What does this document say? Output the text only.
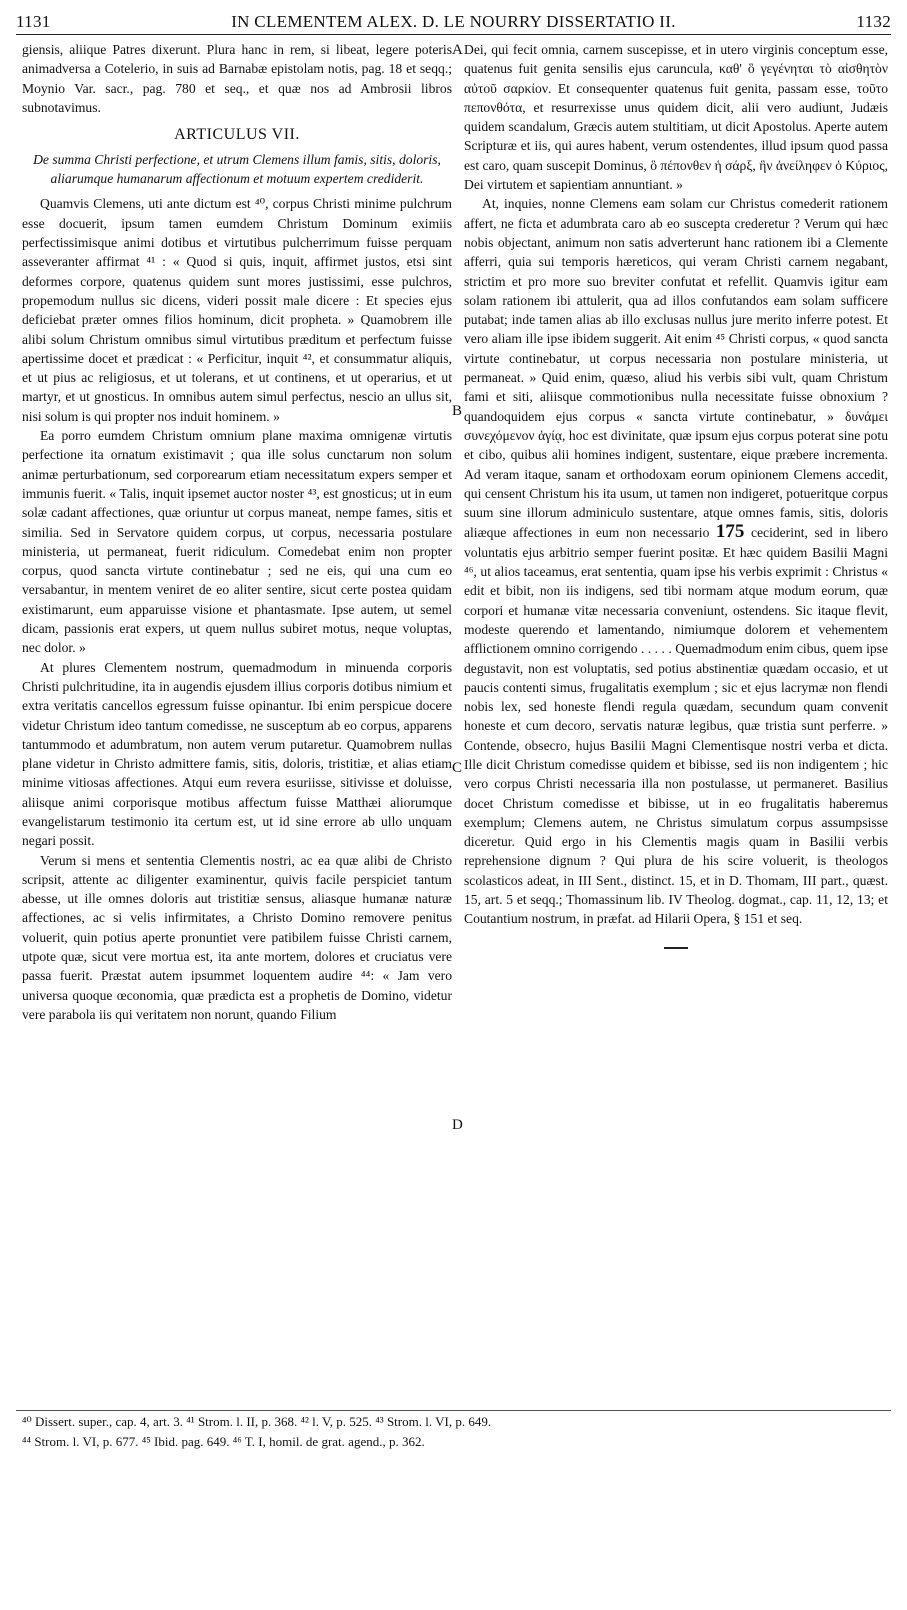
1131	IN CLEMENTEM ALEX. D. LE NOURRY DISSERTATIO II.	1132

giensis, aliique Patres dixerunt. Plura hanc in rem, si libeat, legere poteris animadversa a Cotelerio, in suis ad Barnabæ epistolam notis, pag. 18 et seqq.; Moynio Var. sacr., pag. 780 et seq., et quæ nos ad Ambrosii libros subnotavimus.

ARTICULUS VII.
De summa Christi perfectione, et utrum Clemens illum famis, sitis, doloris, aliarumque humanarum affectionum et motuum expertem crediderit.

Quamvis Clemens, uti ante dictum est ⁴⁰, corpus Christi minime pulchrum esse docuerit, ipsum tamen eumdem Christum Dominum eximiis perfectissimisque animi dotibus et virtutibus pulcherrimum fuisse perquam asseveranter affirmat ⁴¹ : « Quod si quis, inquit, affirmet justos, etsi sint deformes corpore, quatenus quidem sunt mores justissimi, esse pulchros, propemodum nullus sic dicens, videri possit male dicere : Et species ejus deficiebat præter omnes filios hominum, dicit propheta. » Quamobrem ille alibi solum Christum omnibus simul virtutibus præditum et perfectum fuisse apertissime docet et prædicat : « Perficitur, inquit ⁴², et consummatur aliquis, et ut pius ac religiosus, et ut tolerans, et ut continens, et ut operarius, et ut martyr, et ut gnosticus. In omnibus autem simul perfectus, nescio an ullus sit, nisi solum is qui propter nos induit hominem. »

Ea porro eumdem Christum omnium plane maxima omnigenæ virtutis perfectione ita ornatum existimavit ; qua ille solus cunctarum non solum animæ perturbationum, sed corporearum etiam necessitatum expers semper et immunis fuerit. « Talis, inquit ipsemet auctor noster ⁴³, est gnosticus; ut in eum solæ cadant affectiones, quæ oriuntur ut corpus maneat, nempe fames, sitis et similia. Sed in Servatore quidem corpus, ut corpus, necessaria postulare ministeria, ut permaneat, fuerit ridiculum. Comedebat enim non propter corpus, quod sancta virtute continebatur ; sed ne eis, qui una cum eo versabantur, in mentem veniret de eo aliter sentire, sicut certe postea quidam existimarunt, eum apparuisse visione et phantasmate. Ipse autem, ut semel dicam, passionis erat expers, ut quem nullus subiret motus, neque voluptas, nec dolor. »

At plures Clementem nostrum, quemadmodum in minuenda corporis Christi pulchritudine, ita in augendis ejusdem illius corporis dotibus nimium et extra veritatis cancellos egressum fuisse opinantur. Ibi enim perspicue docere videtur Christum ideo tantum comedisse, ne susceptum ab eo corpus, apparens tantummodo et adumbratum, non autem verum putaretur. Quamobrem nullas plane videtur in Christo admittere famis, sitis, doloris, tristitiæ, et alias etiam minime vitiosas affectiones. Atqui eum revera esuriisse, sitivisse et doluisse, aliisque animi corporisque motibus affectum fuisse Matthæi aliorumque evangelistarum testimonio ita certum est, ut id sine errore ab ullo unquam negari possit.

Verum si mens et sententia Clementis nostri, ac ea quæ alibi de Christo scripsit, attente ac diligenter examinentur, quivis facile perspiciet tantum abesse, ut ille omnes doloris aut tristitiæ sensus, aliasque humanæ naturæ affectiones, ac si velis infirmitates, a Christo Domino removere penitus voluerit, quin potius aperte pronuntiet vere patibilem fuisse Christi carnem, utpote quæ, sicut vere mortua est, ita ante mortem, dolores et cruciatus vere passa fuerit. Præstat autem ipsummet loquentem audire ⁴⁴: « Jam vero universa quoque œconomia, quæ prædicta est a prophetis de Domino, videtur vere parabola iis qui veritatem non norunt, quando Filium

A
B
C
D

Dei, qui fecit omnia, carnem suscepisse, et in utero virginis conceptum esse, quatenus fuit genita sensilis ejus caruncula, καθ' ὃ γεγένηται τὸ αἰσθητὸν αὐτοῦ σαρκίον. Et consequenter quatenus fuit genita, passam esse, τοῦτο πεπονθότα, et resurrexisse unus quidem dicit, alii vero audiunt, Judæis quidem scandalum, Græcis autem stultitiam, ut dicit Apostolus. Aperte autem Scripturæ et iis, qui aures habent, verum ostendentes, illud ipsum quod passa est caro, quam suscepit Dominus, ὃ πέπονθεν ἡ σάρξ, ἣν ἀνείληφεν ὁ Κύριος, Dei virtutem et sapientiam annuntiant. »

At, inquies, nonne Clemens eam solam cur Christus comederit rationem affert, ne ficta et adumbrata caro ab eo suscepta crederetur ? Verum qui hæc nobis objectant, animum non satis adverterunt hanc rationem ibi a Clemente afferri, quia sui temporis hæreticos, qui veram Christi carnem negabant, strictim et pro more suo breviter confutat et refellit. Quamvis igitur eam solam rationem ibi attulerit, qua ad illos confutandos eam solam sufficere putabat; inde tamen alias ab illo exclusas nullus jure merito inferre potest. Et vero aliam ille ipse ibidem suggerit. Ait enim ⁴⁵ Christi corpus, « quod sancta virtute continebatur, ut corpus necessaria non postulare ministeria, ut permaneat. » Quid enim, quæso, aliud his verbis sibi vult, quam Christum fami et siti, aliisque commotionibus nulla necessitate fuisse obnoxium ? quandoquidem ejus corpus « sancta virtute continebatur, » δυνάμει συνεχόμενον ἁγίᾳ, hoc est divinitate, quæ ipsum ejus corpus poterat sine potu et cibo, quibus alii homines indigent, sustentare, eique præbere incrementa. Ad veram itaque, sanam et orthodoxam eorum opinionem Clemens accedit, qui censent Christum his ita usum, ut tamen non indigeret, potueritque corpus suum sine illorum adminiculo sustentare, atque omnes famis, sitis, doloris aliæque affectiones in eum non necessario 175 ceciderint, sed in libero voluntatis ejus arbitrio semper fuerint positæ. Et hæc quidem Basilii Magni ⁴⁶, ut alios taceamus, erat sententia, quam ipse his verbis exprimit : Christus « edit et bibit, non iis indigens, sed tibi normam atque modum eorum, quæ corpori et humanæ vitæ necessaria conveniunt, ostendens. Sic itaque flevit, modeste querendo et lamentando, nimiumque dolorem et vehementem afflictionem omnino corrigendo . . . . . Quemadmodum enim cibus, quem ipse degustavit, non est voluptatis, sed potius abstinentiæ quædam occasio, et ut paucis contenti simus, frugalitatis exemplum ; sic et ejus lacrymæ non flendi nobis lex, sed honeste flendi regula quædam, secundum quam convenit honeste et cum decoro, servatis naturæ legibus, quæ tristia sunt perferre. » Contende, obsecro, hujus Basilii Magni Clementisque nostri verba et dicta. Ille dicit Christum comedisse quidem et bibisse, sed iis non indigentem ; hic vero corpus Christi necessaria illa non postulasse, ut permaneret. Basilius docet Christum comedisse et bibisse, ut in eo frugalitatis haberemus exemplum; Clemens autem, ne Christus simulatum corpus assumpsisse diceretur. Quid ergo in his Clementis magis quam in Basilii verbis reprehensione dignum ? Qui plura de his scire voluerit, is theologos scolasticos adeat, in III Sent., distinct. 15, et in D. Thomam, III part., quæst. 15, art. 5 et seqq.; Thomassinum lib. IV Theolog. dogmat., cap. 11, 12, 13; et Coutantium nostrum, in præfat. ad Hilarii Opera, § 151 et seq.

⁴⁰ Dissert. super., cap. 4, art. 3. ⁴¹ Strom. l. II, p. 368. ⁴² l. V, p. 525. ⁴³ Strom. l. VI, p. 649.
⁴⁴ Strom. l. VI, p. 677. ⁴⁵ Ibid. pag. 649. ⁴⁶ T. I, homil. de grat. agend., p. 362.
